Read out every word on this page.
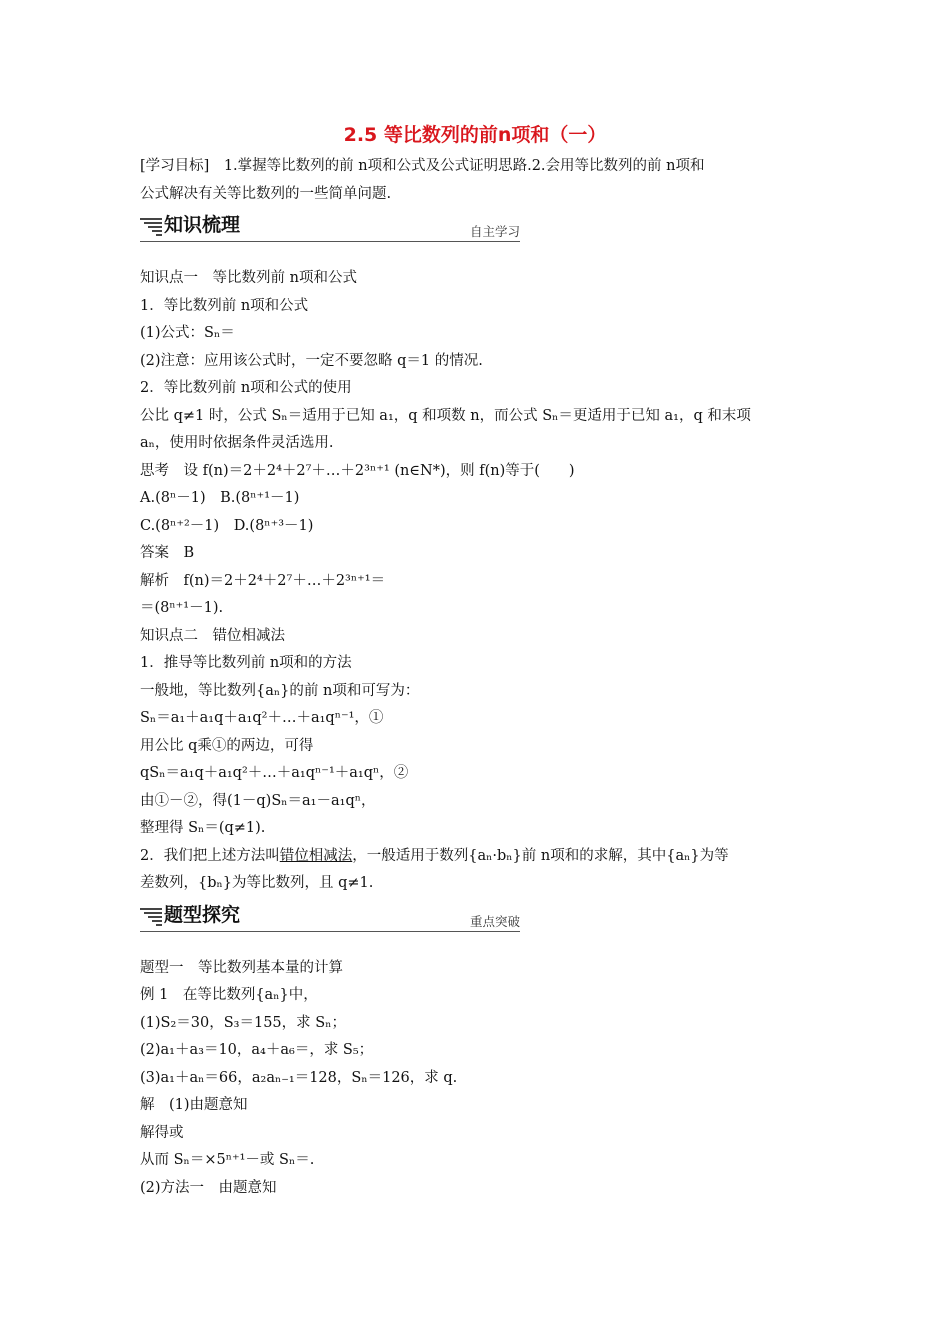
2.5 等比数列的前n项和（一）
[学习目标]　1.掌握等比数列的前 n项和公式及公式证明思路.2.会用等比数列的前 n项和
公式解决有关等比数列的一些简单问题.
知识梳理	自主学习
知识点一　等比数列前 n项和公式
1．等比数列前 n项和公式
(1)公式：Sₙ＝
(2)注意：应用该公式时，一定不要忽略 q＝1 的情况.
2．等比数列前 n项和公式的使用
公比 q≠1 时，公式 Sₙ＝适用于已知 a₁，q 和项数 n，而公式 Sₙ＝更适用于已知 a₁，q 和末项
aₙ，使用时依据条件灵活选用.
思考　设 f(n)＝2＋2⁴＋2⁷＋…＋2³ⁿ⁺¹ (n∈N*)，则 f(n)等于(　　)
A.(8ⁿ－1)　B.(8ⁿ⁺¹－1)
C.(8ⁿ⁺²－1)　D.(8ⁿ⁺³－1)
答案　B
解析　f(n)＝2＋2⁴＋2⁷＋…＋2³ⁿ⁺¹＝
＝(8ⁿ⁺¹－1).
知识点二　错位相减法
1．推导等比数列前 n项和的方法
一般地，等比数列{aₙ}的前 n项和可写为：
Sₙ＝a₁＋a₁q＋a₁q²＋…＋a₁qⁿ⁻¹，①
用公比 q乘①的两边，可得
qSₙ＝a₁q＋a₁q²＋…＋a₁qⁿ⁻¹＋a₁qⁿ，②
由①－②，得(1－q)Sₙ＝a₁－a₁qⁿ，
整理得 Sₙ＝(q≠1).
2．我们把上述方法叫错位相减法，一般适用于数列{aₙ·bₙ}前 n项和的求解，其中{aₙ}为等
差数列，{bₙ}为等比数列，且 q≠1.
题型探究	重点突破
题型一　等比数列基本量的计算
例 1　在等比数列{aₙ}中，
(1)S₂＝30，S₃＝155，求 Sₙ；
(2)a₁＋a₃＝10，a₄＋a₆＝，求 S₅；
(3)a₁＋aₙ＝66，a₂aₙ₋₁＝128，Sₙ＝126，求 q.
解　(1)由题意知
解得或
从而 Sₙ＝×5ⁿ⁺¹－或 Sₙ＝.
(2)方法一　由题意知
